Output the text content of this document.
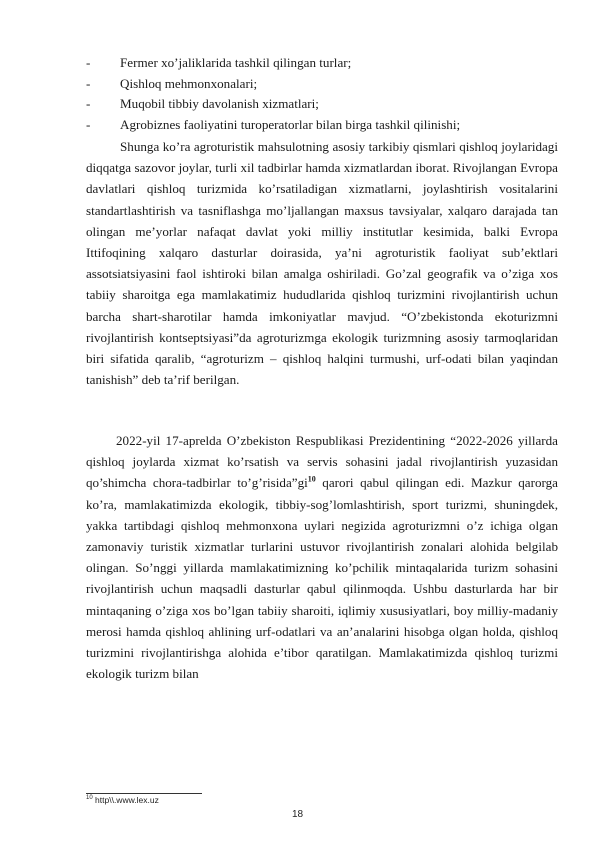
-	Fermer xo’jaliklarida tashkil qilingan turlar;
-	Qishloq mehmonxonalari;
-	Muqobil tibbiy davolanish xizmatlari;
-	Agrobiznes faoliyatini turoperatorlar bilan birga tashkil qilinishi;

Shunga ko’ra agroturistik mahsulotning asosiy tarkibiy qismlari qishloq joylaridagi diqqatga sazovor joylar, turli xil tadbirlar hamda xizmatlardan iborat. Rivojlangan Evropa davlatlari qishloq turizmida ko’rsatiladigan xizmatlarni, joylashtirish vositalarini standartlashtirish va tasniflashga mo’ljallangan maxsus tavsiyalar, xalqaro darajada tan olingan me’yorlar nafaqat davlat yoki milliy institutlar kesimida, balki Evropa Ittifoqining xalqaro dasturlar doirasida, ya’ni agroturistik faoliyat sub’ektlari assotsiatsiyasini faol ishtiroki bilan amalga oshiriladi. Go’zal geografik va o’ziga xos tabiiy sharoitga ega mamlakatimiz hududlarida qishloq turizmini rivojlantirish uchun barcha shart-sharotilar hamda imkoniyatlar mavjud. “O’zbekistonda ekoturizmni rivojlantirish kontseptsiyasi”da agroturizmga ekologik turizmning asosiy tarmoqlaridan biri sifatida qaralib, “agroturizm – qishloq halqini turmushi, urf-odati bilan yaqindan tanishish” deb ta’rif berilgan.

2022-yil 17-aprelda O’zbekiston Respublikasi Prezidentining “2022-2026 yillarda qishloq joylarda xizmat ko’rsatish va servis sohasini jadal rivojlantirish yuzasidan qo’shimcha chora-tadbirlar to’g’risida”gi$^{10}$ qarori qabul qilingan edi. Mazkur qarorga ko’ra, mamlakatimizda ekologik, tibbiy-sog’lomlashtirish, sport turizmi, shuningdek, yakka tartibdagi qishloq mehmonxona uylari negizida agroturizmni o’z ichiga olgan zamonaviy turistik xizmatlar turlarini ustuvor rivojlantirish zonalari alohida belgilab olingan. So’nggi yillarda mamlakatimizning ko’pchilik mintaqalarida turizm sohasini rivojlantirish uchun maqsadli dasturlar qabul qilinmoqda. Ushbu dasturlarda har bir mintaqaning o’ziga xos bo’lgan tabiiy sharoiti, iqlimiy xususiyatlari, boy milliy-madaniy merosi hamda qishloq ahlining urf-odatlari va an’analarini hisobga olgan holda, qishloq turizmini rivojlantirishga alohida e’tibor qaratilgan. Mamlakatimizda qishloq turizmi ekologik turizm bilan

$^{10}$ http\\.www.lex.uz
18
